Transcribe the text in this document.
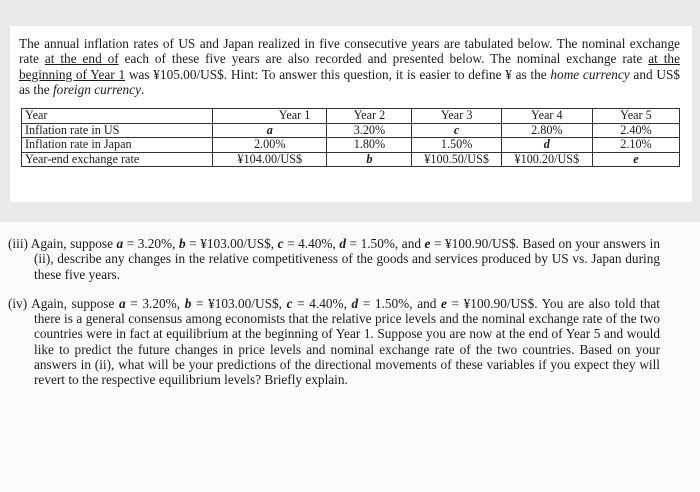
The annual inflation rates of US and Japan realized in five consecutive years are tabulated below. The nominal exchange rate at the end of each of these five years are also recorded and presented below. The nominal exchange rate at the beginning of Year 1 was ¥105.00/US$. Hint: To answer this question, it is easier to define ¥ as the home currency and US$ as the foreign currency.

Year	Year 1	Year 2	Year 3	Year 4	Year 5
Inflation rate in US	a	3.20%	c	2.80%	2.40%
Inflation rate in Japan	2.00%	1.80%	1.50%	d	2.10%
Year-end exchange rate	¥104.00/US$	b	¥100.50/US$	¥100.20/US$	e

(iii) Again, suppose a = 3.20%, b = ¥103.00/US$, c = 4.40%, d = 1.50%, and e = ¥100.90/US$. Based on your answers in (ii), describe any changes in the relative competitiveness of the goods and services produced by US vs. Japan during these five years.

(iv) Again, suppose a = 3.20%, b = ¥103.00/US$, c = 4.40%, d = 1.50%, and e = ¥100.90/US$. You are also told that there is a general consensus among economists that the relative price levels and the nominal exchange rate of the two countries were in fact at equilibrium at the beginning of Year 1. Suppose you are now at the end of Year 5 and would like to predict the future changes in price levels and nominal exchange rate of the two countries. Based on your answers in (ii), what will be your predictions of the directional movements of these variables if you expect they will revert to the respective equilibrium levels? Briefly explain.
